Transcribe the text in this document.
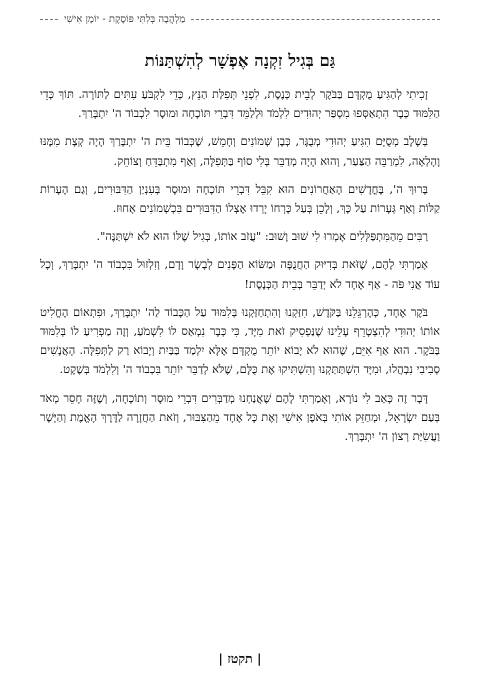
מַלְהֲבָה בְּלִתִּי פּוֹסֶקֶת - יוֹמָן אִישִׁי
גַּם בְּגִיל זִקְנָה אֶפְשָׁר לְהִשְׁתַּנּוֹת

זָכִיתִי לְהַגִּיעַ מֻקְדָּם בַּבֹּקֶר לְבֵית כְּנֶסֶת, לִפְנֵי תְּפִלַּת הַנֵּץ, כְּדֵי לִקְבֹּעַ עִתִּים לַתּוֹרָה. תּוֹךְ כְּדֵי הַלִּמּוּד כְּבָר הִתְאַסְּפוּ מִסְפַּר יְהוּדִים לִלְמֹד וּלְלַמֵּד דִּבְרֵי תּוֹכָחָה וּמוּסָר לִכְבוֹד ה' יִתְבָּרַךְ.

בְּשָׁלָב מְסֻיָּם הִגִּיעַ יְהוּדִי מְבֻגָּר, כְּבֶן שְׁמוֹנִים וְחָמֵשׁ, שֶׁכְּבוֹד בֵּית ה' יִתְבָּרַךְ הָיָה קְצָת מִמֶּנּוּ וָהָלְאָה, לִמְרַבֵּה הַצַּעַר, וְהוּא הָיָה מְדַבֵּר בְּלִי סוֹף בַּתְּפִלָּה, וְאַף מִתְבַּדֵּחַ וְצוֹחֵק.

בָּרוּךְ ה', בֶּחֳדָשִׁים הָאַחֲרוֹנִים הוּא קִבֵּל דִּבְרֵי תּוֹכָחָה וּמוּסָר בְּעִנְיַן הַדִּבּוּרִים, וְגַם הֶעָרוֹת קַלּוֹת וְאַף גְּעָרוֹת עַל כָּךְ, וְלָכֵן בְּעַל כָּרְחוֹ יָרְדוּ אֶצְלוֹ הַדִּבּוּרִים בִּכְשְׁמוֹנִים אָחוּז.

רַבִּים מֵהַמִּתְפַּלְּלִים אָמְרוּ לִי שׁוּב וָשׁוּב: "עֲזֹב אוֹתוֹ, בְּגִיל שֶׁלּוֹ הוּא לֹא יִשְׁתַּנֶּה".

אָמַרְתִּי לָהֶם, שֶׁזֹּאת בְּדִיּוּק הַחֲנֻפָּה וּמַשּׂוֹא הַפָּנִים לְבָשָׂר וָדָם, וְזִלְזוּל בִּכְבוֹד ה' יִתְבָּרַךְ, וְכָל עוֹד אֲנִי פֹּה - אַף אֶחָד לֹא יְדַבֵּר בְּבֵית הַכְּנֶסֶת!

בֹּקֶר אֶחָד, כְּהֶרְגֵּלֵנוּ בַּקֹּדֶשׁ, חִזַּקְנוּ וְהִתְחַזַּקְנוּ בְּלִמּוּד עַל הַכָּבוֹד לַה' יִתְבָּרַךְ, וּפִתְאוֹם הֶחֱלִיט אוֹתוֹ יְהוּדִי לְהִצְטָרֵף עָלֵינוּ שֶׁנַּפְסִיק זֹאת מִיָּד, כִּי כְּבָר נִמְאַס לוֹ לִשְׁמֹעַ, וְזֶה מַפְרִיעַ לוֹ בְּלִמּוּד בַּבֹּקֶר. הוּא אַף אִיֵּם, שֶׁהוּא לֹא יָבוֹא יוֹתֵר מֻקְדָּם אֶלָּא יִלְמַד בַּבַּיִת וְיָבוֹא רַק לַתְּפִלָּה. הָאֲנָשִׁים סְבִיבִי נִבְהֲלוּ, וּמִיָּד הִשְׁתַּתַּקְנוּ וְהִשְׁתִּיקוּ אֶת כֻּלָּם, שֶׁלֹּא לְדַבֵּר יוֹתֵר בִּכְבוֹד ה' וְלִלְמֹד בְּשֶׁקֶט.

דָּבָר זֶה כָּאַב לִי נוֹרָא, וְאָמַרְתִּי לָהֶם שֶׁאֲנַחְנוּ מְדַבְּרִים דִּבְרֵי מוּסָר וְתוֹכָחָה, וְשֶׁזֶּה חָסֵר מְאֹד בְּעַם יִשְׂרָאֵל, וּמְחַזֵּק אוֹתִי בְּאֹפֶן אִישִׁי וְאֶת כָּל אֶחָד מֵהַצִּבּוּר, וְזֹאת הַחֲזָרָה לַדֶּרֶךְ הָאֱמֶת וְהַיָּשָׁר וַעֲשִׂיַּת רְצוֹן ה' יִתְבָּרַךְ.

| תקטז |
